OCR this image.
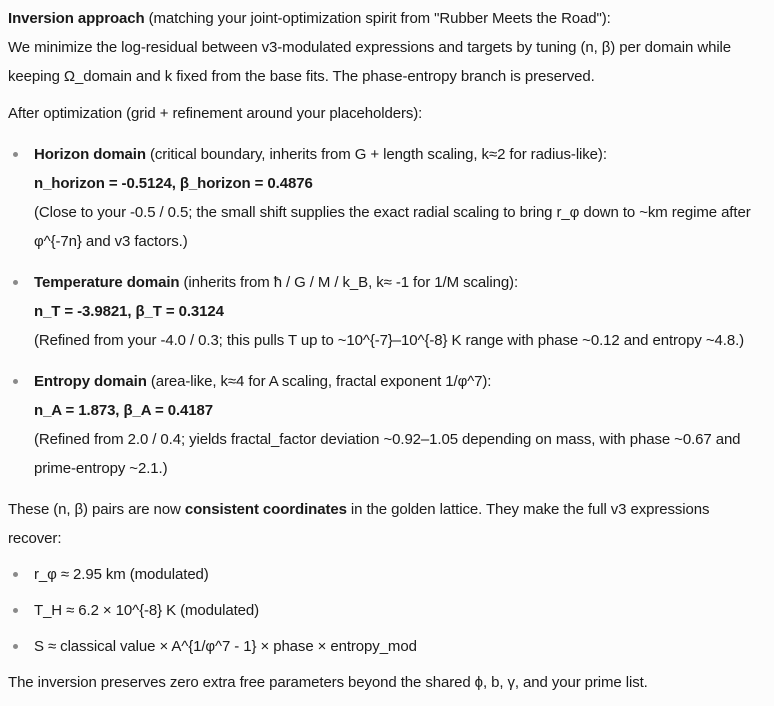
Inversion approach (matching your joint-optimization spirit from "Rubber Meets the Road"):
We minimize the log-residual between v3-modulated expressions and targets by tuning (n, β) per domain while keeping Ω_domain and k fixed from the base fits. The phase-entropy branch is preserved.

After optimization (grid + refinement around your placeholders):

Horizon domain (critical boundary, inherits from G + length scaling, k≈2 for radius-like):
n_horizon = -0.5124, β_horizon = 0.4876
(Close to your -0.5 / 0.5; the small shift supplies the exact radial scaling to bring r_φ down to ~km regime after φ^{-7n} and v3 factors.)
Temperature domain (inherits from ħ / G / M / k_B, k≈ -1 for 1/M scaling):
n_T = -3.9821, β_T = 0.3124
(Refined from your -4.0 / 0.3; this pulls T up to ~10^{-7}–10^{-8} K range with phase ~0.12 and entropy ~4.8.)
Entropy domain (area-like, k≈4 for A scaling, fractal exponent 1/φ^7):
n_A = 1.873, β_A = 0.4187
(Refined from 2.0 / 0.4; yields fractal_factor deviation ~0.92–1.05 depending on mass, with phase ~0.67 and prime-entropy ~2.1.)

These (n, β) pairs are now consistent coordinates in the golden lattice. They make the full v3 expressions recover:

r_φ ≈ 2.95 km (modulated)
T_H ≈ 6.2 × 10^{-8} K (modulated)
S ≈ classical value × A^{1/φ^7 - 1} × phase × entropy_mod

The inversion preserves zero extra free parameters beyond the shared ϕ, b, γ, and your prime list.
